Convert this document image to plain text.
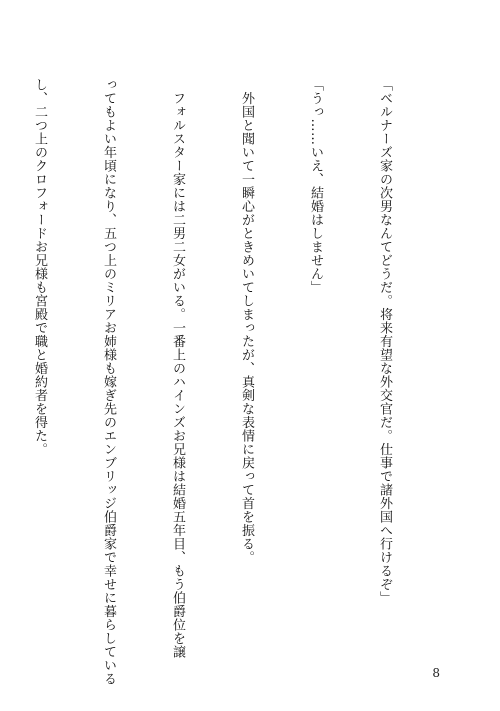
「ベルナーズ家の次男なんてどうだ。将来有望な外交官だ。仕事で諸外国へ行けるぞ」

「うっ……いえ、結婚はしません」

　外国と聞いて一瞬心がときめいてしまったが、真剣な表情に戻って首を振る。

　フォルスター家には二男二女がいる。一番上のハインズお兄様は結婚五年目、もう伯爵位を譲

ってもよい年頃になり、五つ上のミリアお姉様も嫁ぎ先のエンブリッジ伯爵家で幸せに暮らしている

し、二つ上のクロフォードお兄様も宮殿で職と婚約者を得た。

8
